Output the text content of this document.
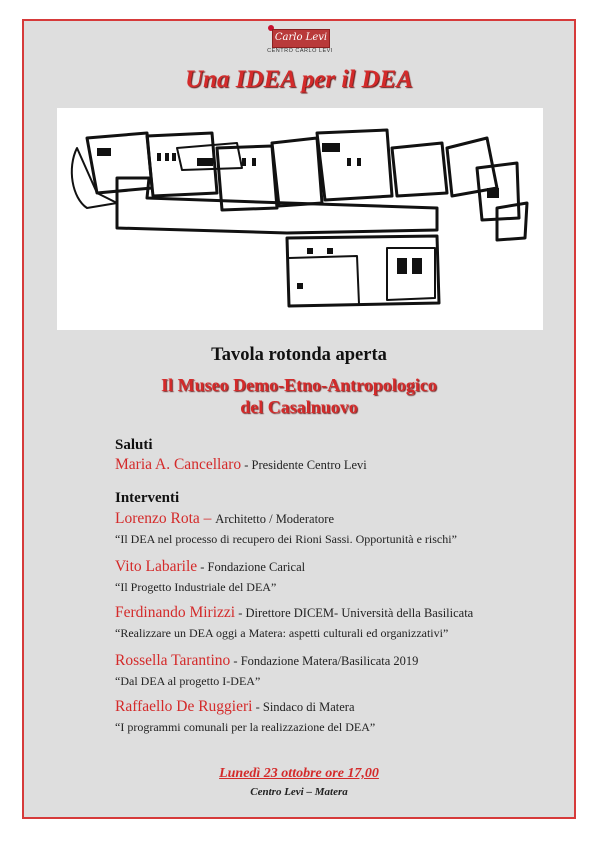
Carlo Levi
CENTRO CARLO LEVI
Una IDEA per il DEA
Tavola rotonda aperta
Il Museo Demo-Etno-Antropologico
del Casalnuovo
Saluti
Maria A. Cancellaro - Presidente Centro Levi
Interventi
Lorenzo Rota – Architetto / Moderatore
“Il DEA nel processo di recupero dei Rioni Sassi. Opportunità e rischi”
Vito Labarile - Fondazione Carical
“Il Progetto Industriale del DEA”
Ferdinando Mirizzi - Direttore DICEM- Università della Basilicata
“Realizzare un DEA oggi a Matera: aspetti culturali ed organizzativi”
Rossella Tarantino - Fondazione Matera/Basilicata 2019
“Dal DEA al progetto I-DEA”
Raffaello De Ruggieri - Sindaco di Matera
“I programmi comunali per la realizzazione del DEA”
Lunedì 23 ottobre ore 17,00
Centro Levi – Matera
